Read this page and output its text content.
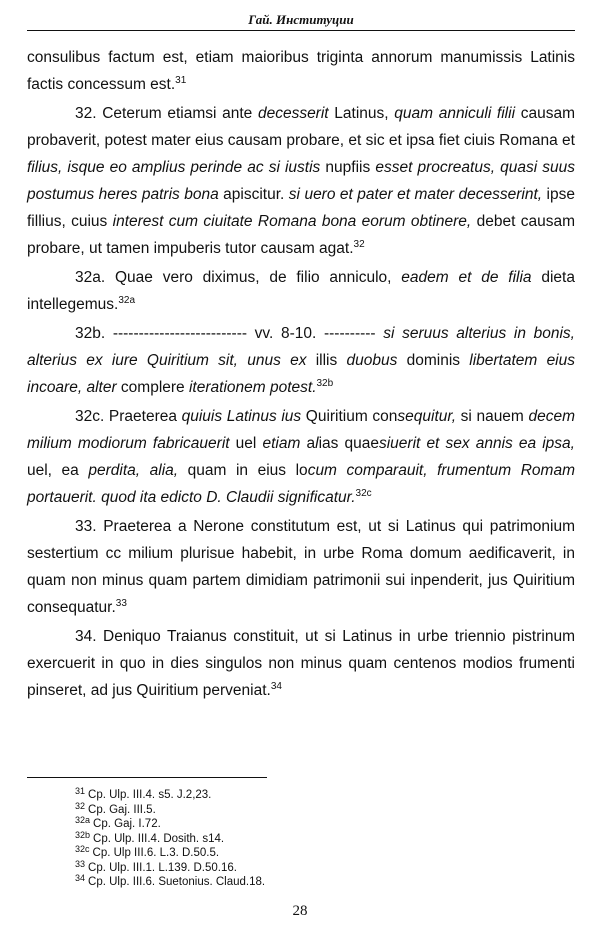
Гай. Институции

consulibus factum est, etiam maioribus triginta annorum manumissis Latinis factis concessum est.$^{31}$

32. Ceterum etiamsi ante decesserit Latinus, quam anniculi filii causam probaverit, potest mater eius causam probare, et sic et ipsa fiet ciuis Romana et filius, isque eo amplius perinde ac si iustis nupfiis esset procreatus, quasi suus postumus heres patris bona apiscitur. si uero et pater et mater decesserint, ipse fillius, cuius interest cum ciuitate Romana bona eorum obtinere, debet causam probare, ut tamen impuberis tutor causam agat.$^{32}$

32a. Quae vero diximus, de filio anniculo, eadem et de filia dieta intellegemus.$^{32a}$

32b. -------------------------- vv. 8-10. ---------- si seruus alterius in bonis, alterius ex iure Quiritium sit, unus ex illis duobus dominis libertatem eius incoare, alter complere iterationem potest.$^{32b}$

32c. Praeterea quiuis Latinus ius Quiritium consequitur, si nauem decem milium modiorum fabricauerit uel etiam alias quaesiuerit et sex annis ea ipsa, uel, ea perdita, alia, quam in eius locum comparauit, frumentum Romam portauerit. quod ita edicto D. Claudii significatur.$^{32c}$

33. Praeterea a Nerone constitutum est, ut si Latinus qui patrimonium sestertium cc milium plurisue habebit, in urbe Roma domum aedificaverit, in quam non minus quam partem dimidiam patrimonii sui inpenderit, jus Quiritium consequatur.$^{33}$

34. Deniquo Traianus constituit, ut si Latinus in urbe triennio pistrinum exercuerit in quo in dies singulos non minus quam centenos modios frumenti pinseret, ad jus Quiritium perveniat.$^{34}$

$^{31}$ Cp. Ulp. III.4. s5. J.2,23.
$^{32}$ Cp. Gaj. III.5.
$^{32a}$ Cp. Gaj. I.72.
$^{32b}$ Cp. Ulp. III.4. Dosith. s14.
$^{32c}$ Cp. Ulp III.6. L.3. D.50.5.
$^{33}$ Cp. Ulp. III.1. L.139. D.50.16.
$^{34}$ Cp. Ulp. III.6. Suetonius. Claud.18.
28
